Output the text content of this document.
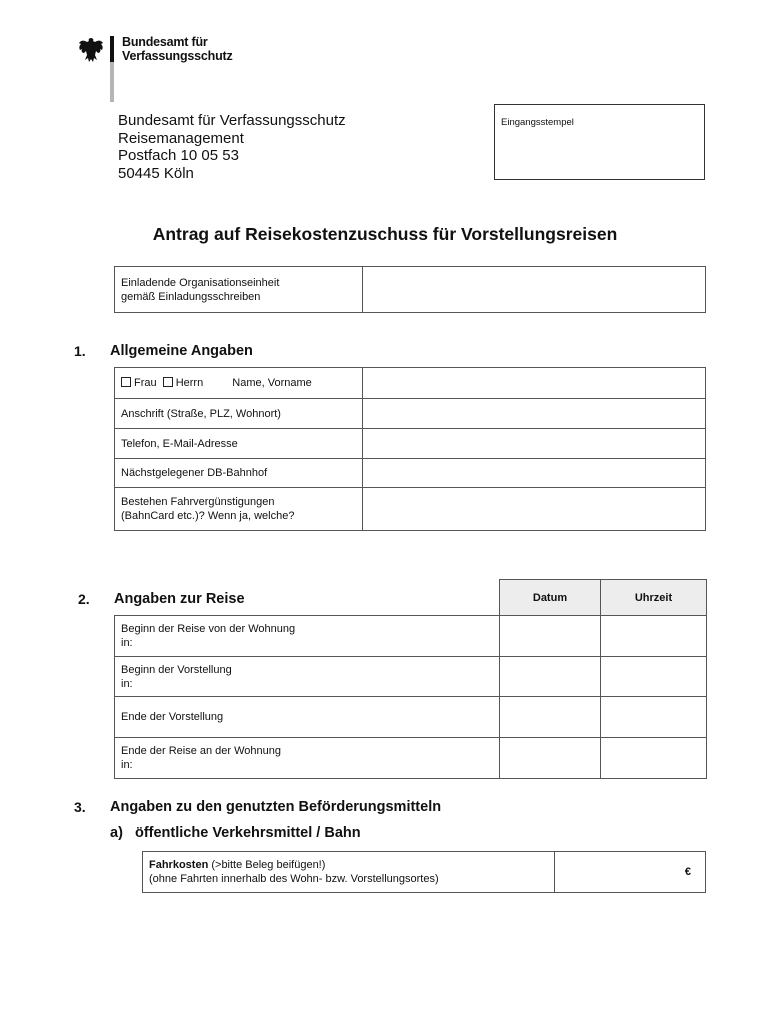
Bundesamt für
Verfassungsschutz
Bundesamt für Verfassungsschutz
Reisemanagement
Postfach 10 05 53
50445 Köln
Eingangsstempel
Antrag auf Reisekostenzuschuss für Vorstellungsreisen
Einladende Organisationseinheit
gemäß Einladungsschreiben

1. Allgemeine Angaben
Frau Herrn Name, Vorname	
Anschrift (Straße, PLZ, Wohnort)	
Telefon, E-Mail-Adresse	
Nächstgelegener DB-Bahnhof	

Bestehen Fahrvergünstigungen
(BahnCard etc.)? Wenn ja, welche?	

2. Angaben zur Reise
		Datum	Uhrzeit

Beginn der Reise von der Wohnung
in:		

Beginn der Vorstellung
in:		

Ende der Vorstellung		

Ende der Reise an der Wohnung
in:		

3. Angaben zu den genutzten Beförderungsmitteln
a)   öffentliche Verkehrsmittel / Bahn
Fahrkosten (>bitte Beleg beifügen!)
(ohne Fahrten innerhalb des Wohn- bzw. Vorstellungsortes)
	€
